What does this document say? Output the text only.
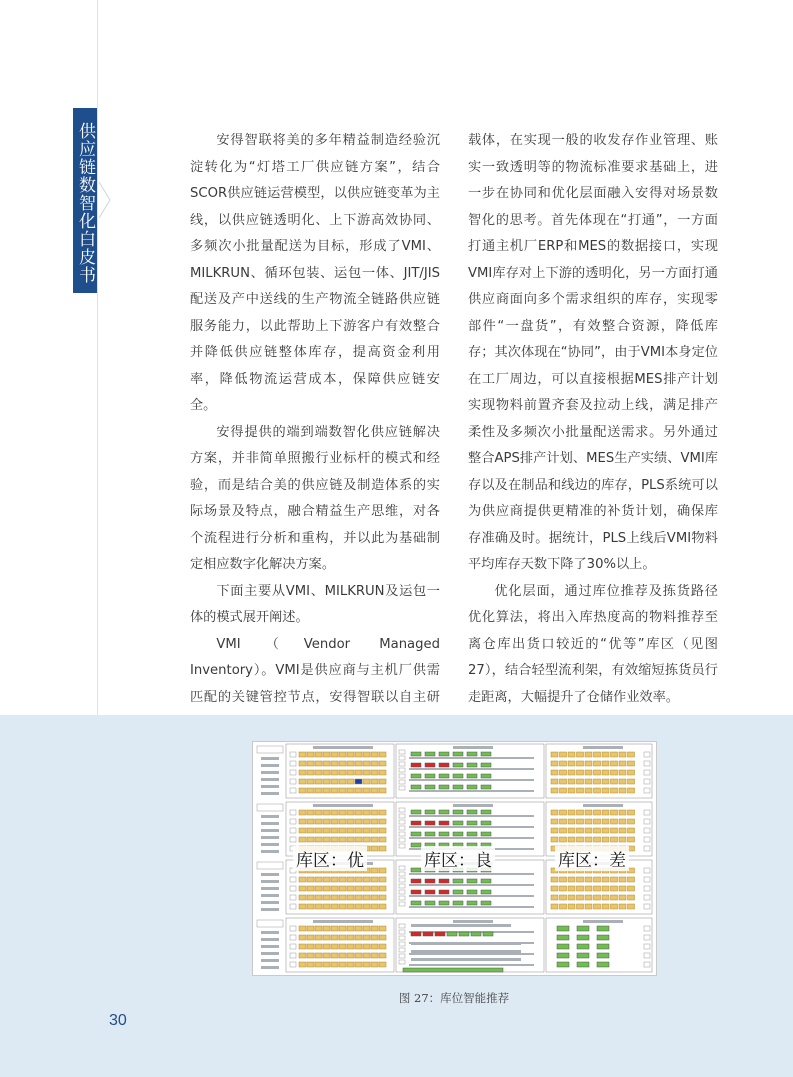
供应链数智化白皮书	安得智联将美的多年精益制造经验沉淀转化为“灯塔工厂供应链方案”，结合SCOR供应链运营模型，以供应链变革为主线，以供应链透明化、上下游高效协同、多频次小批量配送为目标，形成了VMI、MILKRUN、循环包装、运包一体、JIT/JIS配送及产中送线的生产物流全链路供应链服务能力，以此帮助上下游客户有效整合并降低供应链整体库存，提高资金利用率，降低物流运营成本，保障供应链安全。

安得提供的端到端数智化供应链解决方案，并非简单照搬行业标杆的模式和经验，而是结合美的供应链及制造体系的实际场景及特点，融合精益生产思维，对各个流程进行分析和重构，并以此为基础制定相应数字化解决方案。

下面主要从VMI、MILKRUN及运包一体的模式展开阐述。

VMI（Vendor Managed Inventory）。VMI是供应商与主机厂供需匹配的关键管控节点，安得智联以自主研

载体，在实现一般的收发存作业管理、账实一致透明等的物流标准要求基础上，进一步在协同和优化层面融入安得对场景数智化的思考。首先体现在“打通”，一方面打通主机厂ERP和MES的数据接口，实现VMI库存对上下游的透明化，另一方面打通供应商面向多个需求组织的库存，实现零部件“一盘货”，有效整合资源，降低库存；其次体现在“协同”，由于VMI本身定位在工厂周边，可以直接根据MES排产计划实现物料前置齐套及拉动上线，满足排产柔性及多频次小批量配送需求。另外通过整合APS排产计划、MES生产实绩、VMI库存以及在制品和线边的库存，PLS系统可以为供应商提供更精准的补货计划，确保库存准确及时。据统计，PLS上线后VMI物料平均库存天数下降了30%以上。

优化层面，通过库位推荐及拣货路径优化算法，将出入库热度高的物料推荐至离仓库出货口较近的“优等”库区（见图27），结合轻型流利架，有效缩短拣货员行走距离，大幅提升了仓储作业效率。

库区：优	库区：良	库区：差
图 27：库位智能推荐
30
